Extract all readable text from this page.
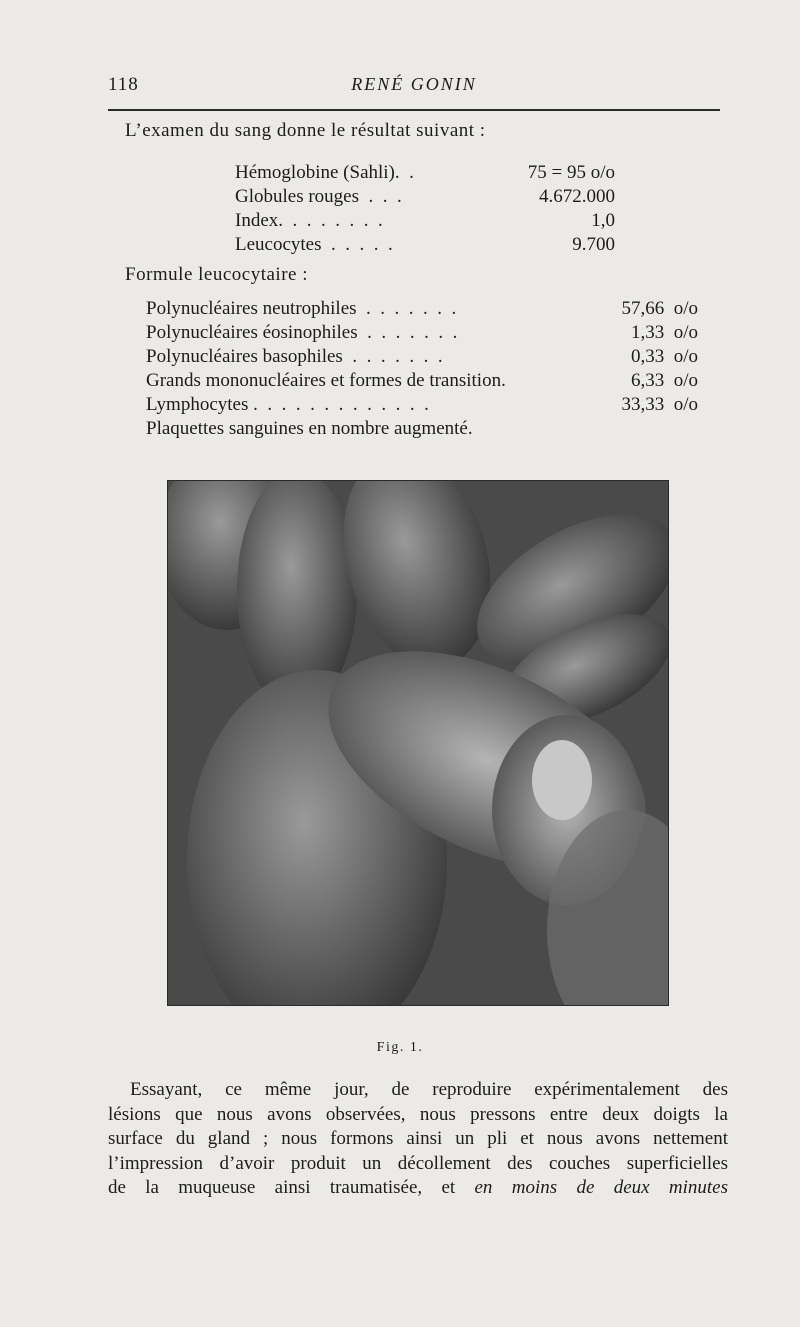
118	RENÉ GONIN
L’examen du sang donne le résultat suivant :
Hémoglobine (Sahli).  .	75 = 95 o/o
Globules rouges  .  .  .	4.672.000
Index.  .  .  .  .  .  .  .	1,0
Leucocytes  .  .  .  .  .	9.700
Formule leucocytaire :
Polynucléaires neutrophiles  .  .  .  .  .  .  .	57,66  o/o
Polynucléaires éosinophiles  .  .  .  .  .  .  .	1,33  o/o
Polynucléaires basophiles  .  .  .  .  .  .  .	0,33  o/o
Grands mononucléaires et formes de transition.	6,33  o/o
Lymphocytes .  .  .  .  .  .  .  .  .  .  .  .  .	33,33  o/o
Plaquettes sanguines en nombre augmenté.
Fig. 1.
Essayant, ce même jour, de reproduire expérimentalement des
lésions que nous avons observées, nous pressons entre deux doigts la
surface du gland ; nous formons ainsi un pli et nous avons nettement
l’impression d’avoir produit un décollement des couches superficielles
de la muqueuse ainsi traumatisée, et en moins de deux minutes
